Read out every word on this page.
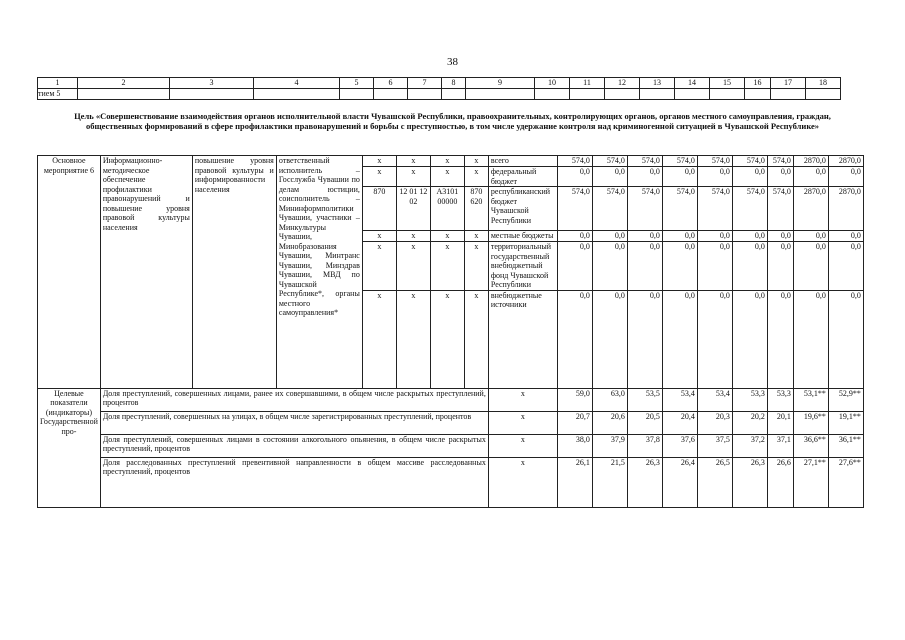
38
1	2	3	4	5	6	7	8	9	10	11	12	13	14	15	16	17	18
тием 5																	
Цель «Совершенствование взаимодействия органов исполнительной власти Чувашской Республики, правоохранительных, контролирующих органов, органов местного самоуправления, граждан, общественных формирований в сфере профилактики правонарушений и борьбы с преступностью, в том числе удержание контроля над криминогенной ситуацией в Чувашской Республике»
Основное мероприятие 6	Информационно-методическое обеспечение профилактики правонарушений и повышение уровня правовой культуры населения	повышение уровня правовой культуры и информированности населения	ответственный исполнитель – Госслужба Чувашии по делам юстиции, соисполнитель – Мининформполитики Чувашии, участники – Минкультуры Чувашии, Минобразования Чувашии, Минтранс Чувашии, Минздрав Чувашии, МВД по Чувашской Республике*, органы местного самоуправления*	x	x	x	x	всего	574,0	574,0	574,0	574,0	574,0	574,0	574,0	2870,0	2870,0
				x	x	x	x	федеральный бюджет	0,0	0,0	0,0	0,0	0,0	0,0	0,0	0,0	0,0
				870	12 01 12 02	А3101 00000	870 620	республиканский бюджет Чувашской Республики	574,0	574,0	574,0	574,0	574,0	574,0	574,0	2870,0	2870,0
				x	x	x	x	местные бюджеты	0,0	0,0	0,0	0,0	0,0	0,0	0,0	0,0	0,0
				x	x	x	x	территориальный государственный внебюджетный фонд Чувашской Республики	0,0	0,0	0,0	0,0	0,0	0,0	0,0	0,0	0,0
				x	x	x	x	внебюджетные источники	0,0	0,0	0,0	0,0	0,0	0,0	0,0	0,0	0,0
Целевые показатели (индикаторы) Государственной про-	Доля преступлений, совершенных лицами, ранее их совершавшими, в общем числе раскрытых преступлений, процентов							x	59,0	63,0	53,5	53,4	53,4	53,3	53,3	53,1**	52,9**
	Доля преступлений, совершенных на улицах, в общем числе зарегистрированных преступлений, процентов							x	20,7	20,6	20,5	20,4	20,3	20,2	20,1	19,6**	19,1**
	Доля преступлений, совершенных лицами в состоянии алкогольного опьянения, в общем числе раскрытых преступлений, процентов							x	38,0	37,9	37,8	37,6	37,5	37,2	37,1	36,6**	36,1**
	Доля расследованных преступлений превентивной направленности в общем массиве расследованных преступлений, процентов							x	26,1	21,5	26,3	26,4	26,5	26,3	26,6	27,1**	27,6**
